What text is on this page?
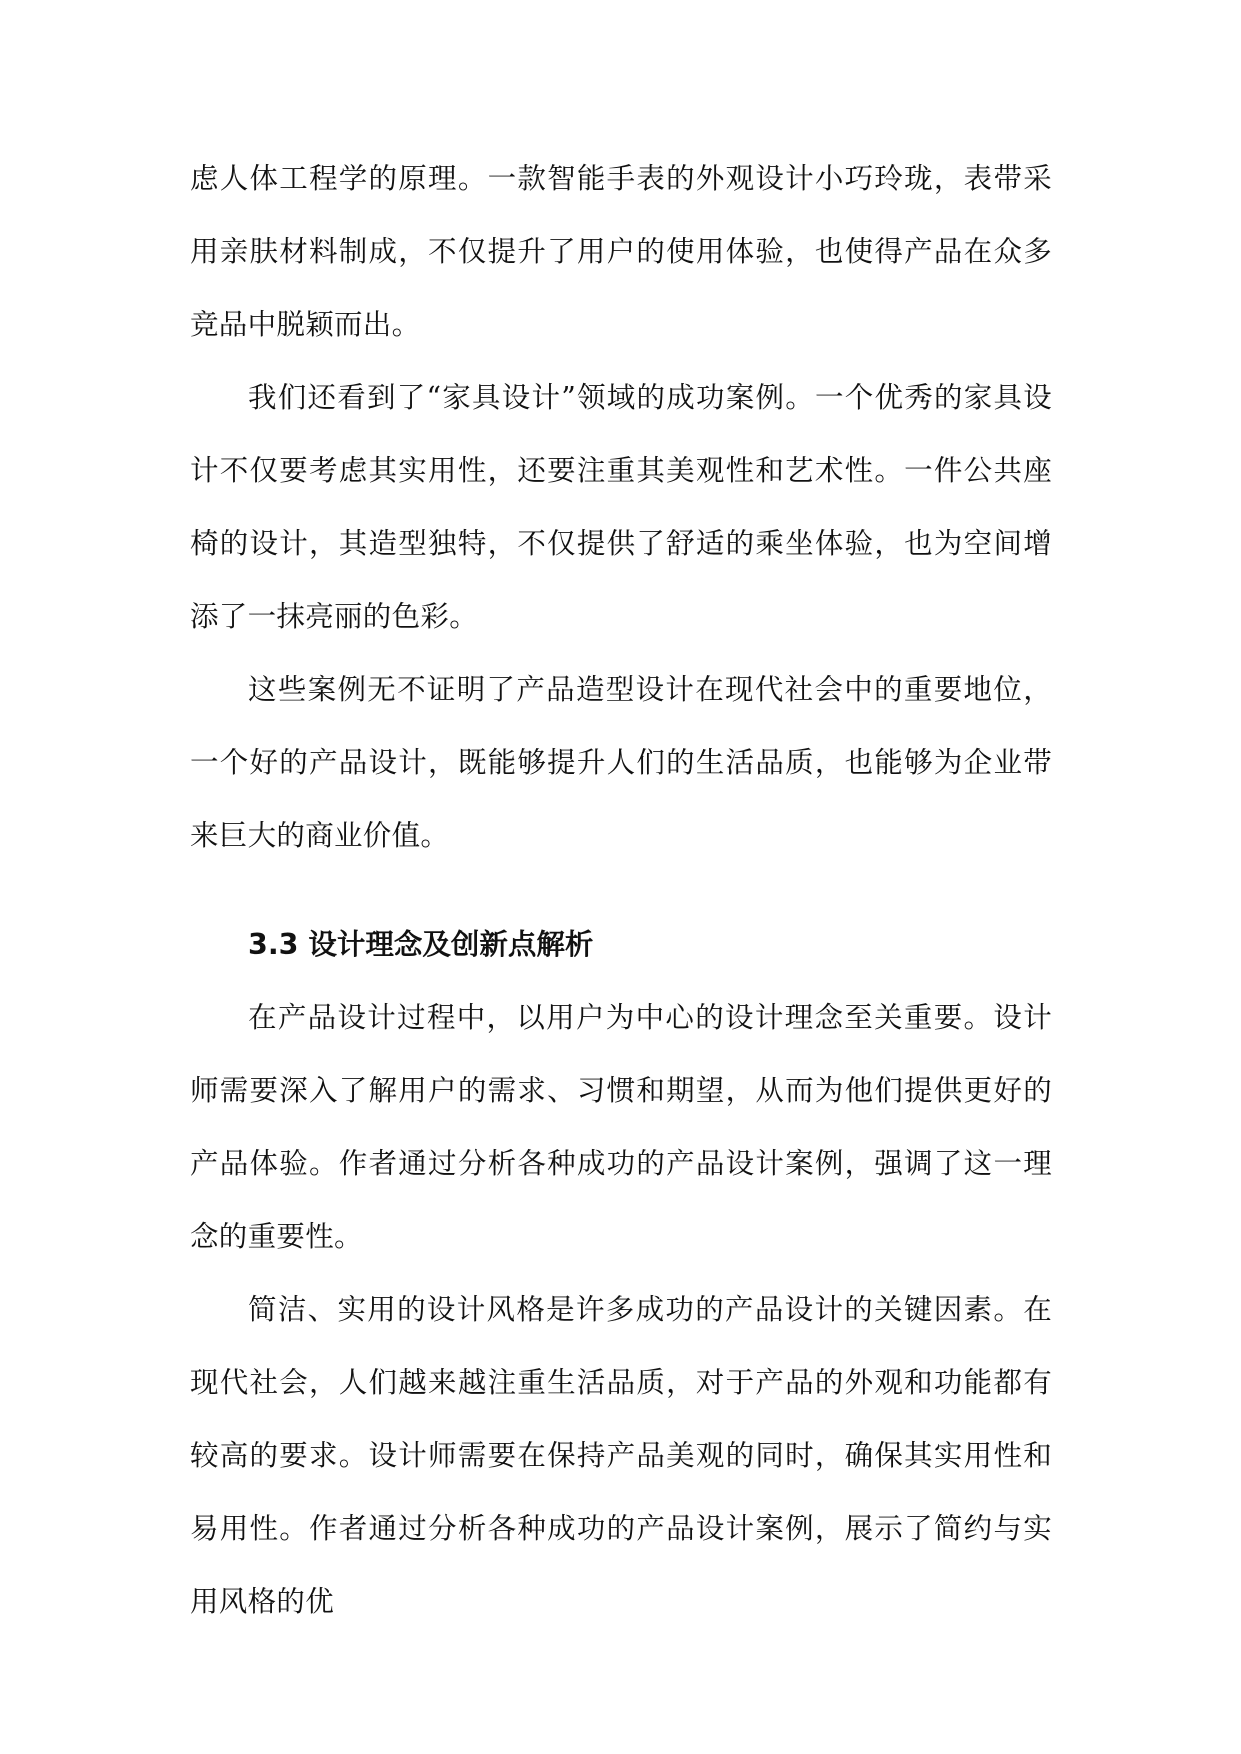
虑人体工程学的原理。一款智能手表的外观设计小巧玲珑，表带采用亲肤材料制成，不仅提升了用户的使用体验，也使得产品在众多竞品中脱颖而出。

我们还看到了“家具设计”领域的成功案例。一个优秀的家具设计不仅要考虑其实用性，还要注重其美观性和艺术性。一件公共座椅的设计，其造型独特，不仅提供了舒适的乘坐体验，也为空间增添了一抹亮丽的色彩。

这些案例无不证明了产品造型设计在现代社会中的重要地位，一个好的产品设计，既能够提升人们的生活品质，也能够为企业带来巨大的商业价值。

3.3 设计理念及创新点解析

在产品设计过程中，以用户为中心的设计理念至关重要。设计师需要深入了解用户的需求、习惯和期望，从而为他们提供更好的产品体验。作者通过分析各种成功的产品设计案例，强调了这一理念的重要性。

简洁、实用的设计风格是许多成功的产品设计的关键因素。在现代社会，人们越来越注重生活品质，对于产品的外观和功能都有较高的要求。设计师需要在保持产品美观的同时，确保其实用性和易用性。作者通过分析各种成功的产品设计案例，展示了简约与实用风格的优
